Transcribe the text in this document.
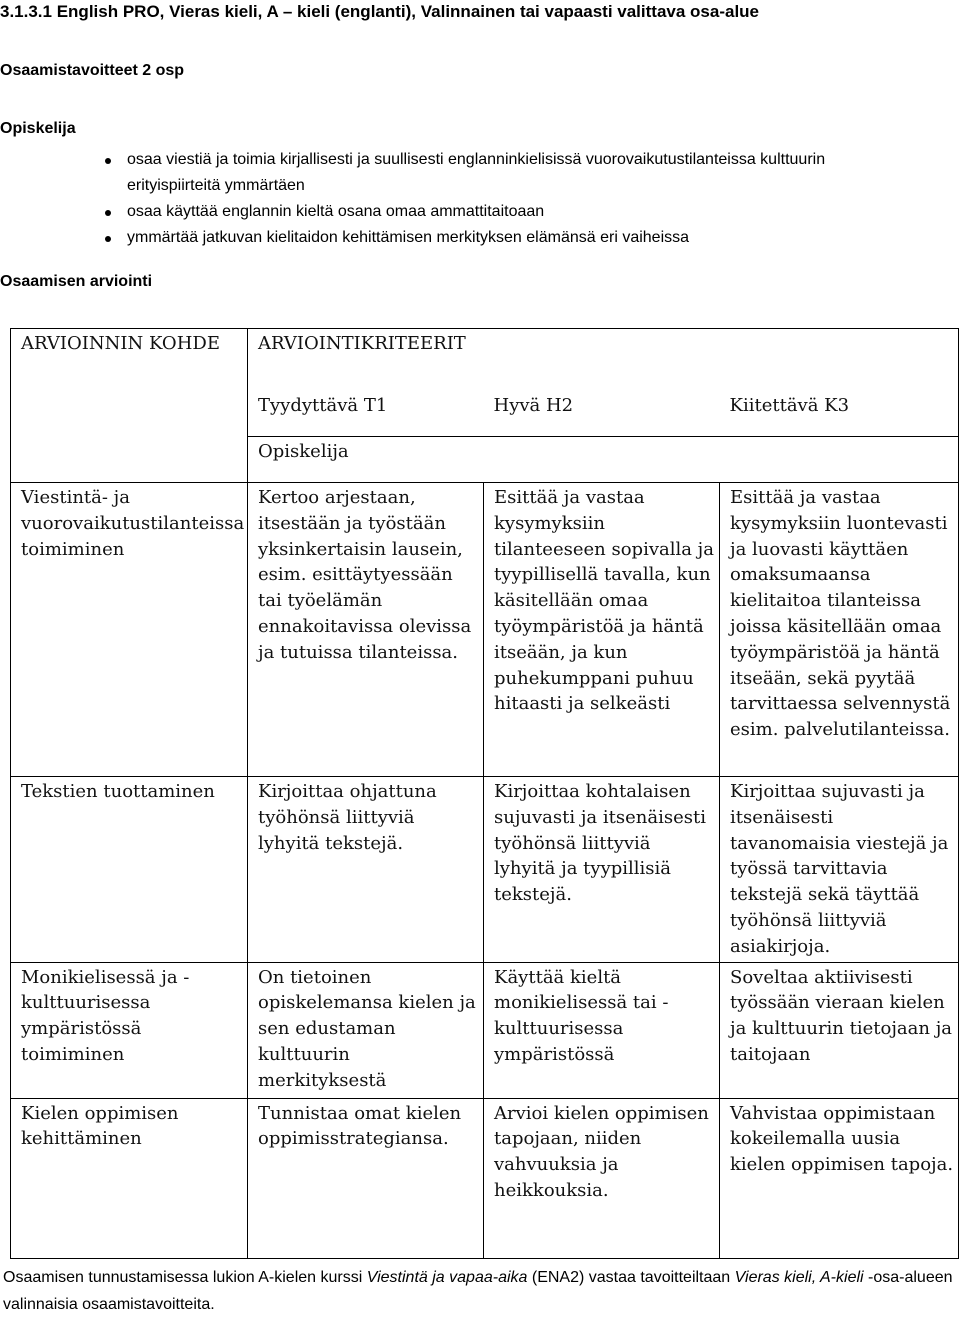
3.1.3.1 English PRO, Vieras kieli, A – kieli (englanti), Valinnainen tai vapaasti valittava osa-alue
Osaamistavoitteet 2 osp
Opiskelija
osaa viestiä ja toimia kirjallisesti ja suullisesti englanninkielisissä vuorovaikutustilanteissa kulttuurin erityispiirteitä ymmärtäen
osaa käyttää englannin kieltä osana omaa ammattitaitoaan
ymmärtää jatkuvan kielitaidon kehittämisen merkityksen elämänsä eri vaiheissa
Osaamisen arviointi
ARVIOINNIN KOHDE	ARVIOINTIKRITEERIT		
	Tyydyttävä T1	Hyvä H2	Kiitettävä K3
	Opiskelija		
Viestintä- ja vuorovaikutustilanteissa toimiminen	Kertoo arjestaan, itsestään ja työstään yksinkertaisin lausein, esim. esittäytyessään tai työelämän ennakoitavissa olevissa ja tutuissa tilanteissa.	Esittää ja vastaa kysymyksiin tilanteeseen sopivalla ja tyypillisellä tavalla, kun käsitellään omaa työympäristöä ja häntä itseään, ja kun puhekumppani puhuu hitaasti ja selkeästi	Esittää ja vastaa kysymyksiin luontevasti ja luovasti käyttäen omaksumaansa kielitaitoa tilanteissa joissa käsitellään omaa työympäristöä ja häntä itseään, sekä pyytää tarvittaessa selvennystä esim. palvelutilanteissa.
Tekstien tuottaminen	Kirjoittaa ohjattuna työhönsä liittyviä lyhyitä tekstejä.	Kirjoittaa kohtalaisen sujuvasti ja itsenäisesti työhönsä liittyviä lyhyitä ja tyypillisiä tekstejä.	Kirjoittaa sujuvasti ja itsenäisesti tavanomaisia viestejä ja työssä tarvittavia tekstejä sekä täyttää työhönsä liittyviä asiakirjoja.
Monikielisessä ja -kulttuurisessa ympäristössä toimiminen	On tietoinen opiskelemansa kielen ja sen edustaman kulttuurin merkityksestä	Käyttää kieltä monikielisessä tai -kulttuurisessa ympäristössä	Soveltaa aktiivisesti työssään vieraan kielen ja kulttuurin tietojaan ja taitojaan
Kielen oppimisen kehittäminen	Tunnistaa omat kielen oppimisstrategiansa.	Arvioi kielen oppimisen tapojaan, niiden vahvuuksia ja heikkouksia.	Vahvistaa oppimistaan kokeilemalla uusia kielen oppimisen tapoja.
Osaamisen tunnustamisessa lukion A-kielen kurssi Viestintä ja vapaa-aika (ENA2) vastaa tavoitteiltaan Vieras kieli, A-kieli -osa-alueen valinnaisia osaamistavoitteita.
